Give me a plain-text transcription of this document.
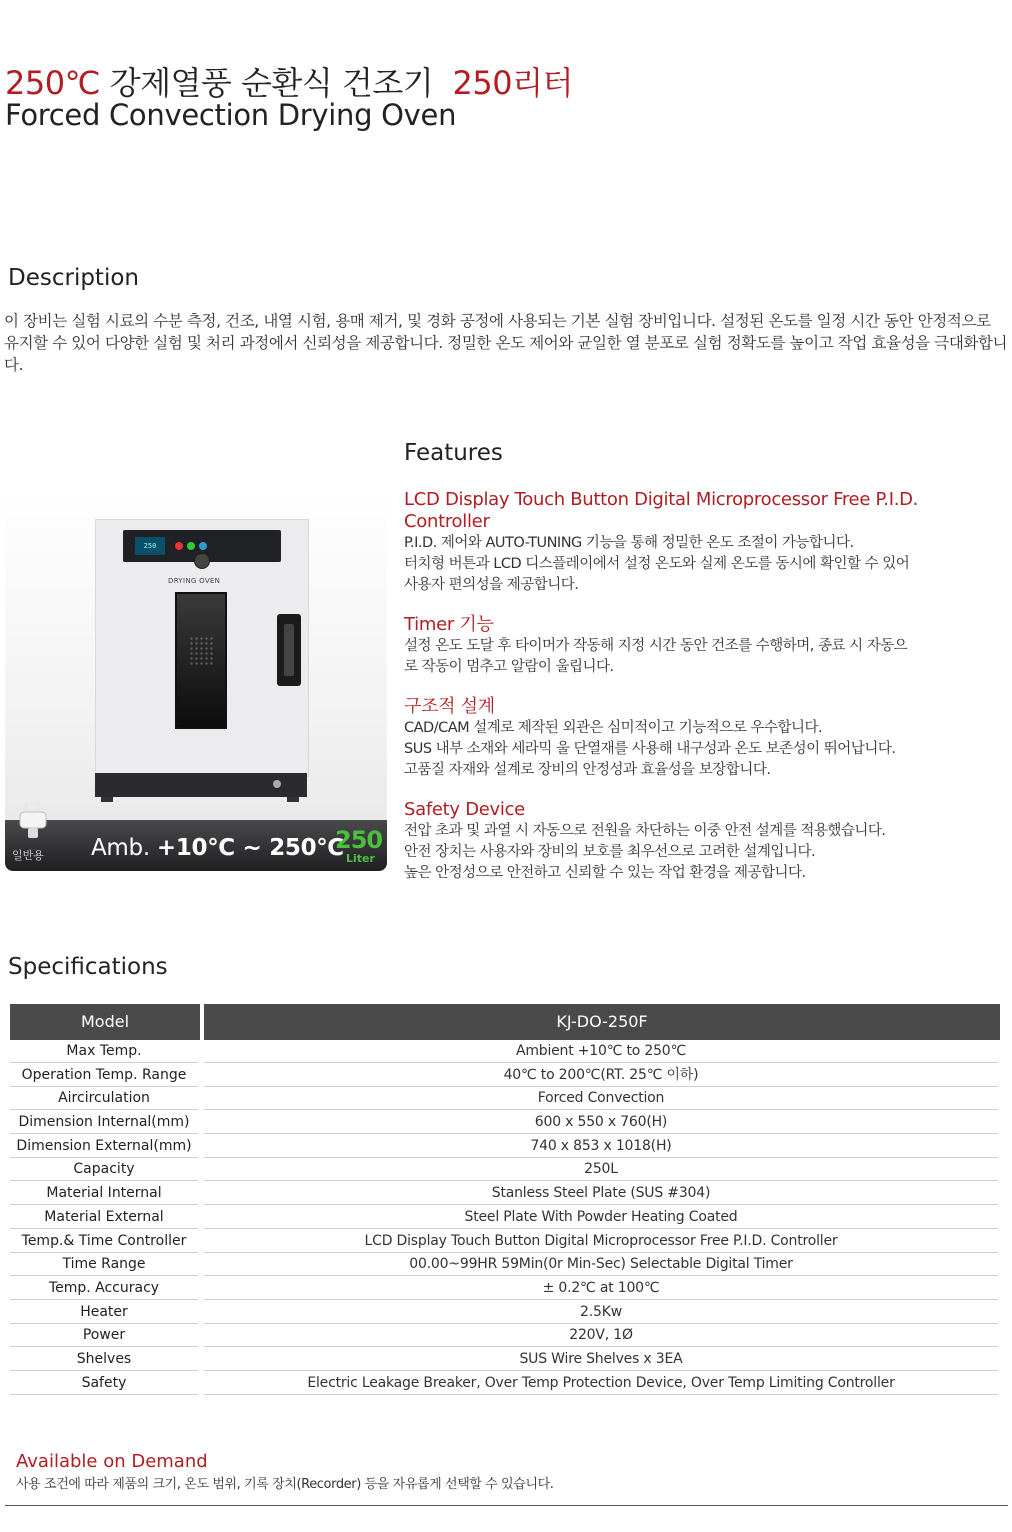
250℃ 강제열풍 순환식 건조기 250리터
Forced Convection Drying Oven
Description
이 장비는 실험 시료의 수분 측정, 건조, 내열 시험, 용매 제거, 및 경화 공정에 사용되는 기본 실험 장비입니다. 설정된 온도를 일정 시간 동안 안정적으로 유지할 수 있어 다양한 실험 및 처리 과정에서 신뢰성을 제공합니다. 정밀한 온도 제어와 균일한 열 분포로 실험 정확도를 높이고 작업 효율성을 극대화합니다.
250
DRYING OVEN
일반용 Amb. +10℃ ~ 250℃
250
Liter
Features
LCD Display Touch Button Digital Microprocessor Free P.I.D. Controller
P.I.D. 제어와 AUTO-TUNING 기능을 통해 정밀한 온도 조절이 가능합니다.
터치형 버튼과 LCD 디스플레이에서 설정 온도와 실제 온도를 동시에 확인할 수 있어
사용자 편의성을 제공합니다.
Timer 기능
설정 온도 도달 후 타이머가 작동해 지정 시간 동안 건조를 수행하며, 종료 시 자동으
로 작동이 멈추고 알람이 울립니다.
구조적 설계
CAD/CAM 설계로 제작된 외관은 심미적이고 기능적으로 우수합니다.
SUS 내부 소재와 세라믹 울 단열재를 사용해 내구성과 온도 보존성이 뛰어납니다.
고품질 자재와 설계로 장비의 안정성과 효율성을 보장합니다.
Safety Device
전압 초과 및 과열 시 자동으로 전원을 차단하는 이중 안전 설계를 적용했습니다.
안전 장치는 사용자와 장비의 보호를 최우선으로 고려한 설계입니다.
높은 안정성으로 안전하고 신뢰할 수 있는 작업 환경을 제공합니다.
Specifications
Model	KJ-DO-250F
Max Temp.	Ambient +10℃ to 250℃
Operation Temp. Range	40℃ to 200℃(RT. 25℃ 이하)
Aircirculation	Forced Convection
Dimension Internal(mm)	600 x 550 x 760(H)
Dimension External(mm)	740 x 853 x 1018(H)
Capacity	250L
Material Internal	Stanless Steel Plate (SUS #304)
Material External	Steel Plate With Powder Heating Coated
Temp.& Time Controller	LCD Display Touch Button Digital Microprocessor Free P.I.D. Controller
Time Range	00.00~99HR 59Min(0r Min-Sec) Selectable Digital Timer
Temp. Accuracy	± 0.2℃ at 100℃
Heater	2.5Kw
Power	220V, 1Ø
Shelves	SUS Wire Shelves x 3EA
Safety	Electric Leakage Breaker, Over Temp Protection Device, Over Temp Limiting Controller
Available on Demand
사용 조건에 따라 제품의 크기, 온도 범위, 기록 장치(Recorder) 등을 자유롭게 선택할 수 있습니다.
